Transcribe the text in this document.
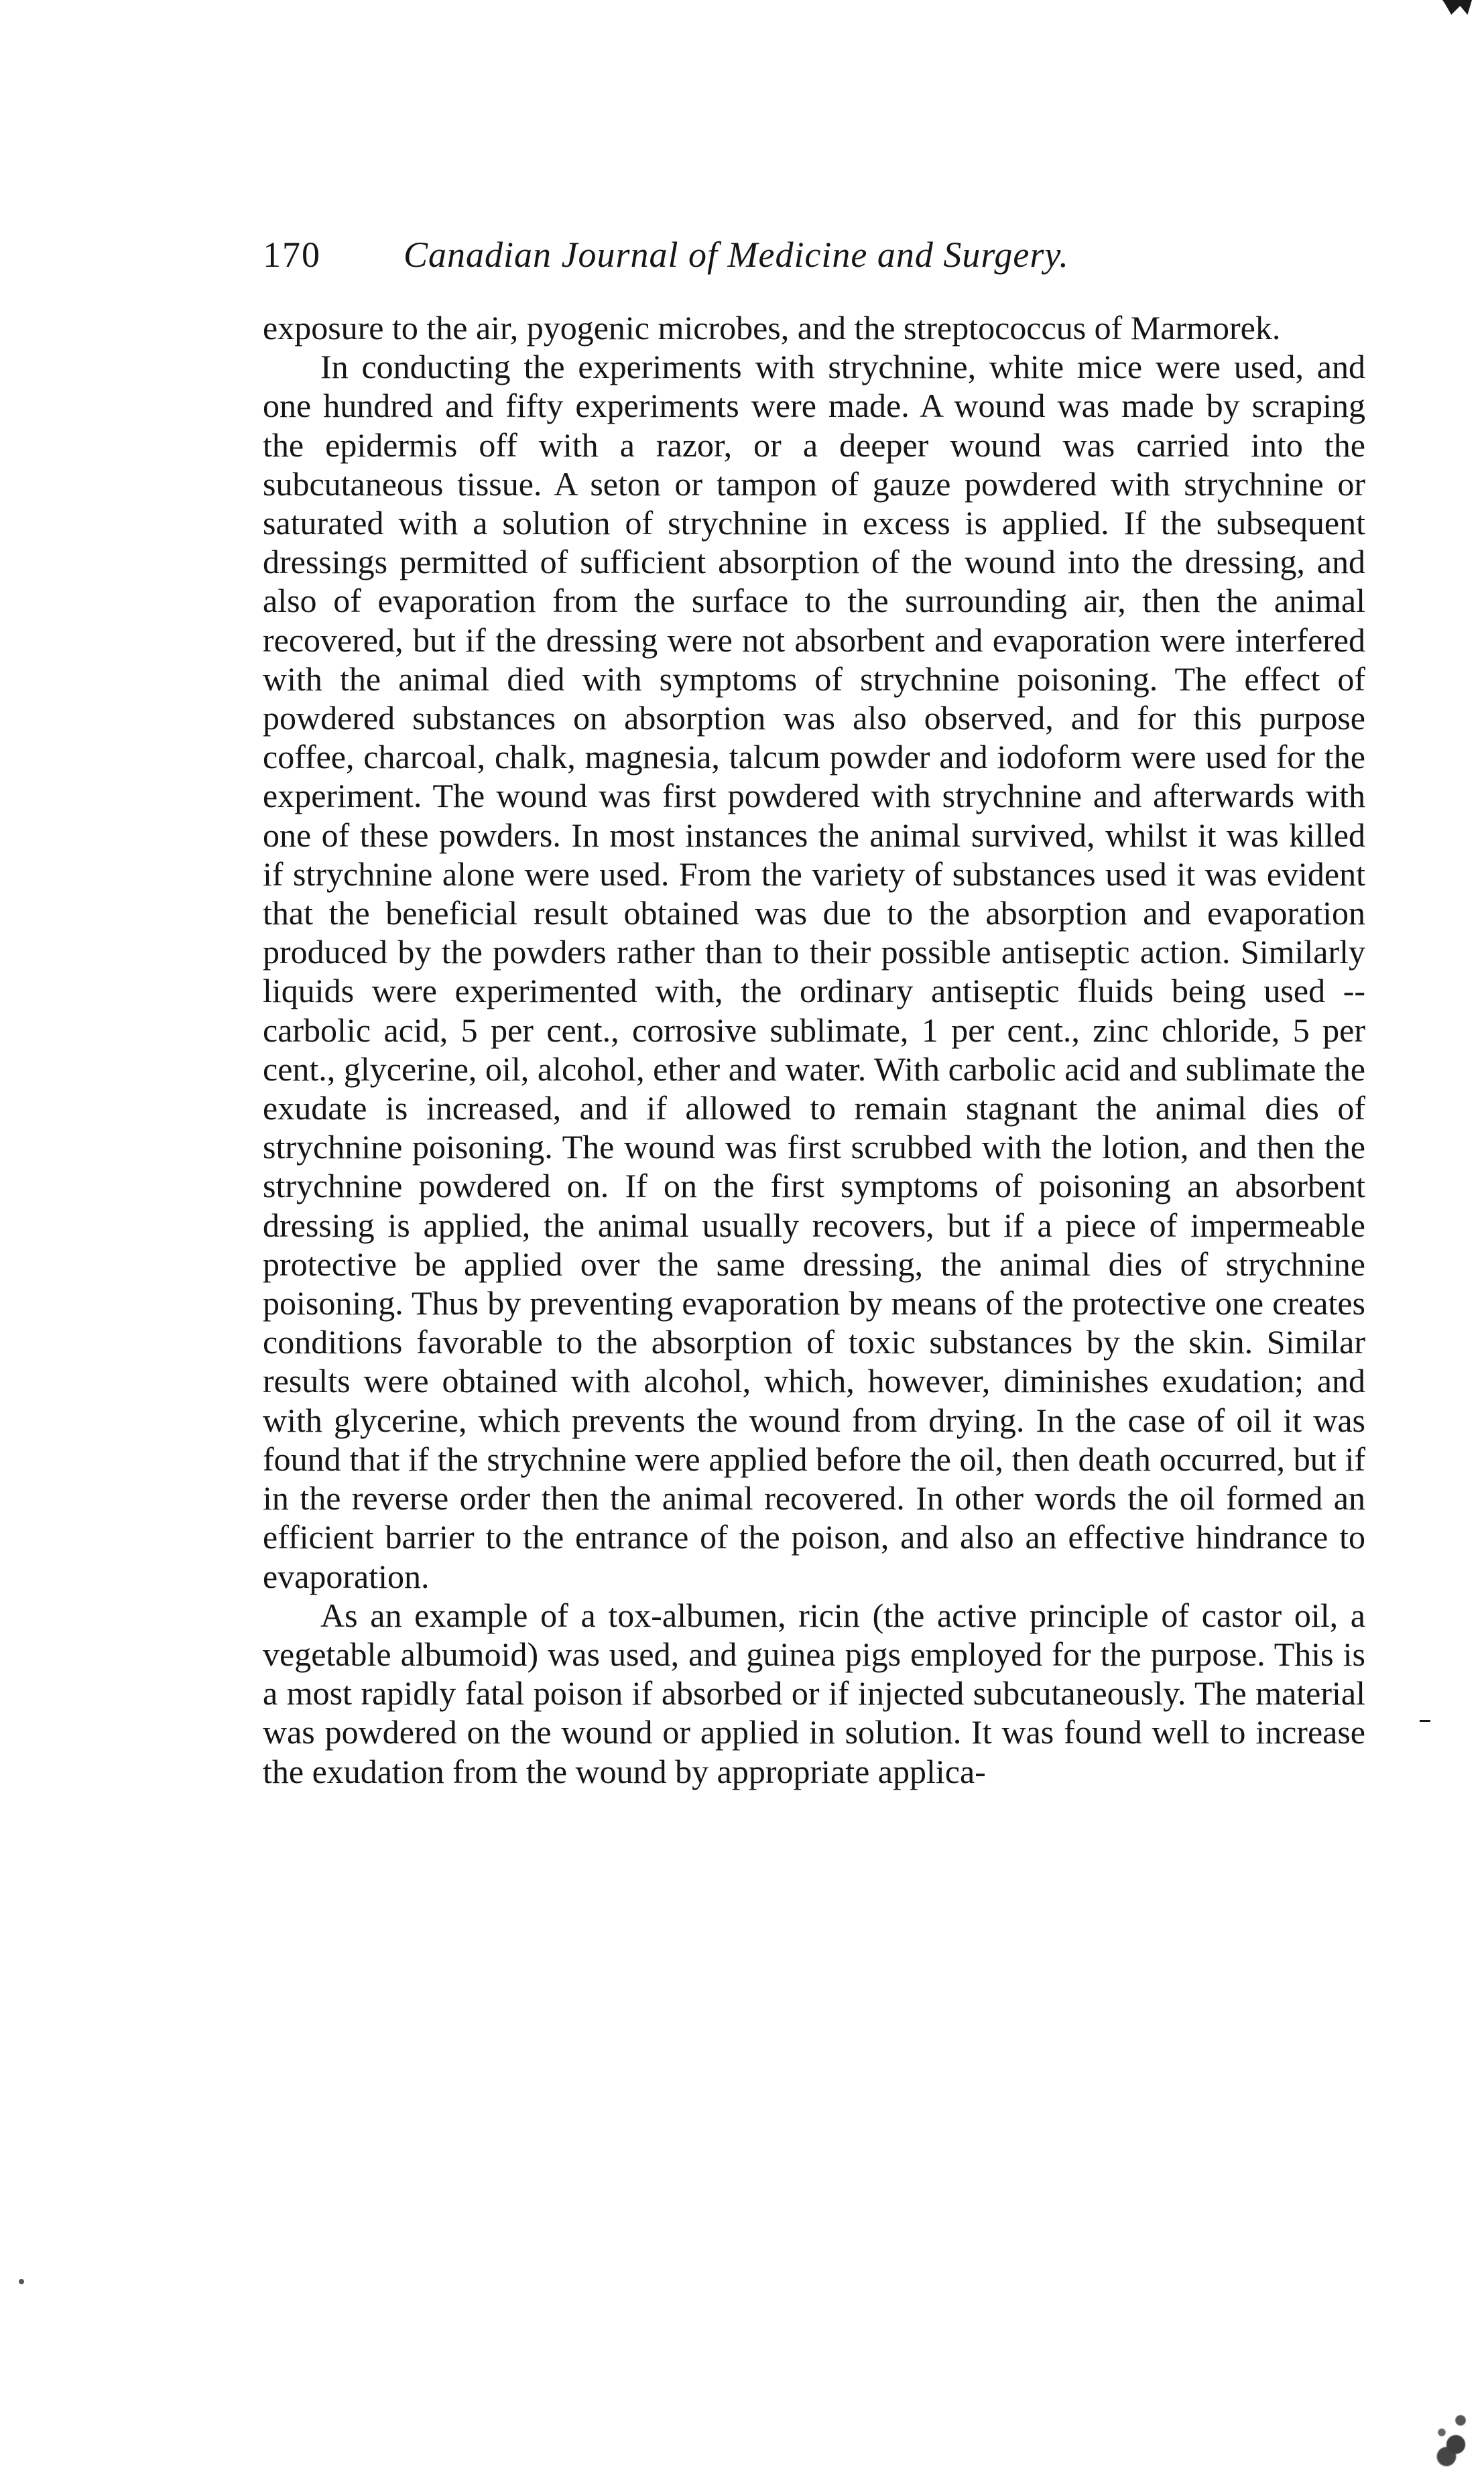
170 Canadian Journal of Medicine and Surgery.

exposure to the air, pyogenic microbes, and the streptococcus of Marmorek.

In conducting the experiments with strychnine, white mice were used, and one hundred and fifty experiments were made. A wound was made by scraping the epidermis off with a razor, or a deeper wound was carried into the subcutaneous tissue. A seton or tampon of gauze powdered with strychnine or saturated with a solution of strychnine in excess is applied. If the subsequent dressings permitted of sufficient absorption of the wound into the dressing, and also of evaporation from the surface to the surrounding air, then the animal recovered, but if the dressing were not absorbent and evaporation were interfered with the animal died with symptoms of strychnine poisoning. The effect of powdered substances on absorption was also observed, and for this purpose coffee, charcoal, chalk, magnesia, talcum powder and iodoform were used for the experiment. The wound was first powdered with strychnine and afterwards with one of these powders. In most instances the animal survived, whilst it was killed if strychnine alone were used. From the variety of substances used it was evident that the beneficial result obtained was due to the absorption and evaporation produced by the powders rather than to their possible antiseptic action. Similarly liquids were experimented with, the ordinary antiseptic fluids being used --carbolic acid, 5 per cent., corrosive sublimate, 1 per cent., zinc chloride, 5 per cent., glycerine, oil, alcohol, ether and water. With carbolic acid and sublimate the exudate is increased, and if allowed to remain stagnant the animal dies of strychnine poisoning. The wound was first scrubbed with the lotion, and then the strychnine powdered on. If on the first symptoms of poisoning an absorbent dressing is applied, the animal usually recovers, but if a piece of impermeable protective be applied over the same dressing, the animal dies of strychnine poisoning. Thus by preventing evaporation by means of the protective one creates conditions favorable to the absorption of toxic substances by the skin. Similar results were obtained with alcohol, which, however, diminishes exudation; and with glycerine, which prevents the wound from drying. In the case of oil it was found that if the strychnine were applied before the oil, then death occurred, but if in the reverse order then the animal recovered. In other words the oil formed an efficient barrier to the entrance of the poison, and also an effective hindrance to evaporation.

As an example of a tox-albumen, ricin (the active principle of castor oil, a vegetable albumoid) was used, and guinea pigs employed for the purpose. This is a most rapidly fatal poison if absorbed or if injected subcutaneously. The material was powdered on the wound or applied in solution. It was found well to increase the exudation from the wound by appropriate applica-
